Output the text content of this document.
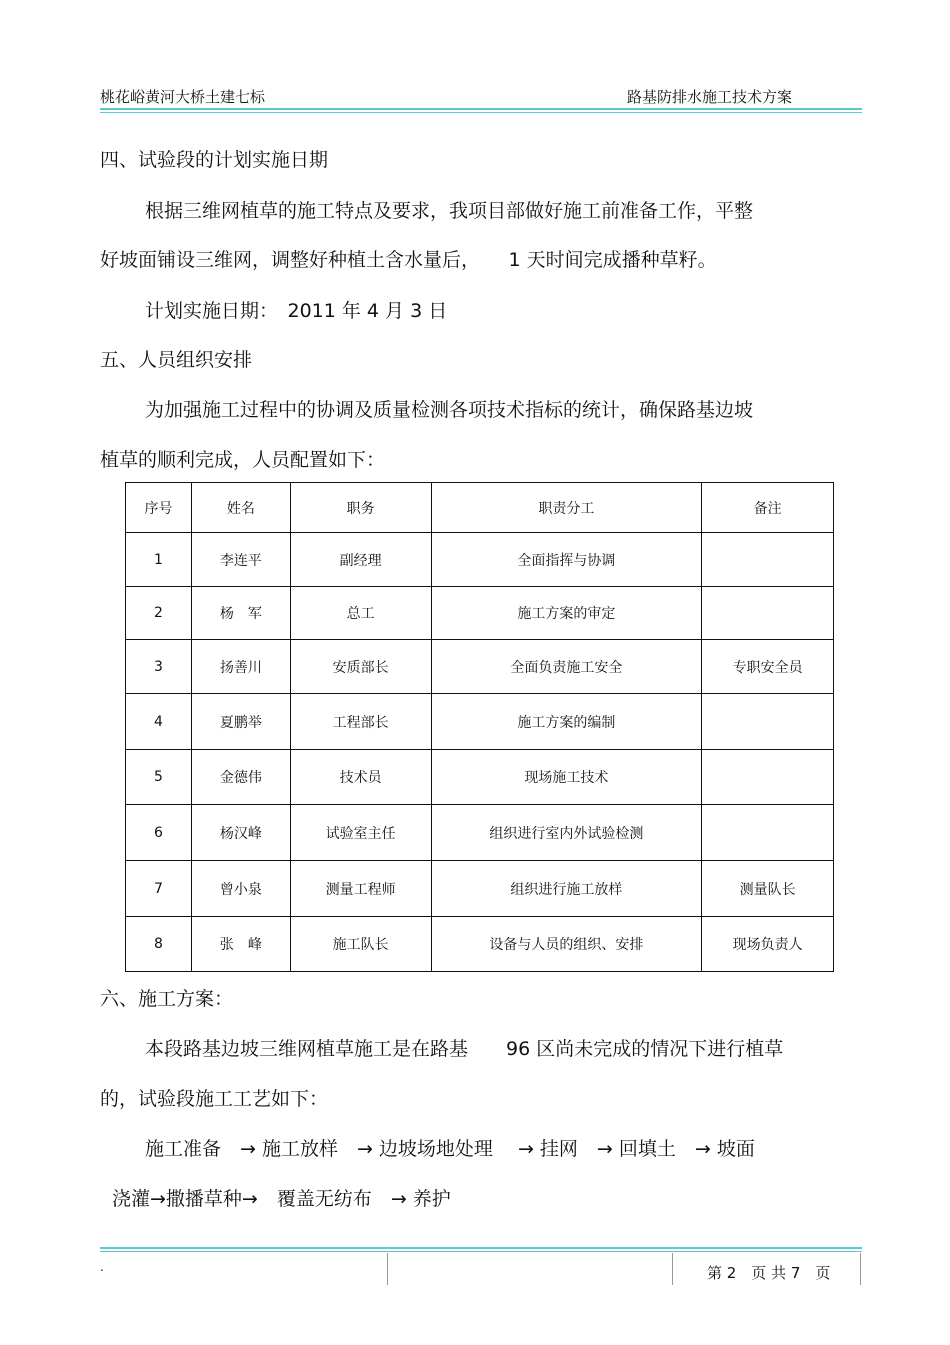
桃花峪黄河大桥土建七标	路基防排水施工技术方案
四、试验段的计划实施日期
根据三维网植草的施工特点及要求，我项目部做好施工前准备工作，平整
好坡面铺设三维网，调整好种植土含水量后，　　1 天时间完成播种草籽。
计划实施日期：　2011 年 4 月 3 日
五、人员组织安排
为加强施工过程中的协调及质量检测各项技术指标的统计，确保路基边坡
植草的顺利完成，人员配置如下：
序号	姓名	职务	职责分工	备注
1	李连平	副经理	全面指挥与协调	
2	杨　军	总工	施工方案的审定	
3	扬善川	安质部长	全面负责施工安全	专职安全员
4	夏鹏举	工程部长	施工方案的编制	
5	金德伟	技术员	现场施工技术	
6	杨汉峰	试验室主任	组织进行室内外试验检测	
7	曾小泉	测量工程师	组织进行施工放样	测量队长
8	张　峰	施工队长	设备与人员的组织、安排	现场负责人
六、施工方案：
本段路基边坡三维网植草施工是在路基　　96 区尚未完成的情况下进行植草
的，试验段施工工艺如下：
施工准备　→ 施工放样　→ 边坡场地处理　 → 挂网　→ 回填土　→ 坡面
浇灌→撒播草种→　覆盖无纺布　→ 养护
.	第 2　页 共 7　页
